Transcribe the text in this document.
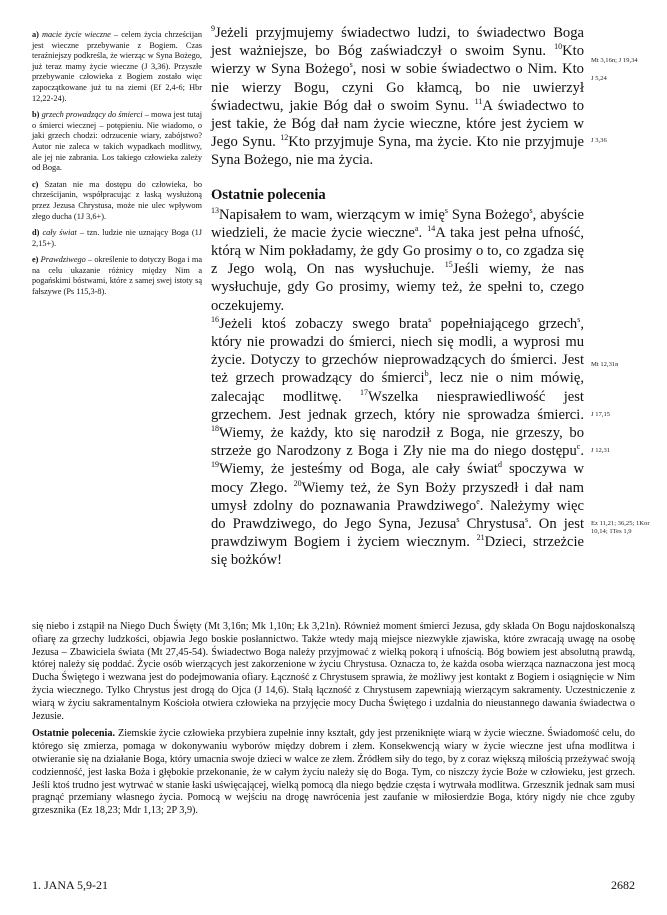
a) macie życie wieczne – celem życia chrześcijan jest wieczne przebywanie z Bogiem. Czas teraźniejszy podkreśla, że wierząc w Syna Bożego, już teraz mamy życie wieczne (J 3,36). Przyszłe przebywanie człowieka z Bogiem zostało więc zapoczątkowane już tu na ziemi (Ef 2,4-6; Hbr 12,22-24).
b) grzech prowadzący do śmierci – mowa jest tutaj o śmierci wiecznej – potępieniu. Nie wiadomo, o jaki grzech chodzi: odrzucenie wiary, zabójstwo? Autor nie zaleca w takich wypadkach modlitwy, ale jej nie zabrania. Los takiego człowieka zależy od Boga.
c) Szatan nie ma dostępu do człowieka, bo chrześcijanin, współpracując z łaską wysłużoną przez Jezusa Chrystusa, może nie ulec wpływom złego ducha (1J 3,6+).
d) cały świat – tzn. ludzie nie uznający Boga (1J 2,15+).
e) Prawdziwego – określenie to dotyczy Boga i ma na celu ukazanie różnicy między Nim a pogańskimi bóstwami, które z samej swej istoty są fałszywe (Ps 115,3-8).

$^9$Jeżeli przyjmujemy świadectwo ludzi, to świadectwo Boga jest ważniejsze, bo Bóg zaświadczył o swoim Synu. $^{10}$Kto wierzy w Syna Bożego$^s$, nosi w sobie świadectwo o Nim. Kto nie wierzy Bogu, czyni Go kłamcą, bo nie uwierzył świadectwu, jakie Bóg dał o swoim Synu. $^{11}$A świadectwo to jest takie, że Bóg dał nam życie wieczne, które jest życiem w Jego Synu. $^{12}$Kto przyjmuje Syna, ma życie. Kto nie przyjmuje Syna Bożego, nie ma życia.

Ostatnie polecenia

$^{13}$Napisałem to wam, wierzącym w imię$^s$ Syna Bożego$^s$, abyście wiedzieli, że macie życie wieczne$^a$. $^{14}$A taka jest pełna ufność, którą w Nim pokładamy, że gdy Go prosimy o to, co zgadza się z Jego wolą, On nas wysłuchuje. $^{15}$Jeśli wiemy, że nas wysłuchuje, gdy Go prosimy, wiemy też, że spełni to, czego oczekujemy.

$^{16}$Jeżeli ktoś zobaczy swego brata$^s$ popełniającego grzech$^s$, który nie prowadzi do śmierci, niech się modli, a wyprosi mu życie. Dotyczy to grzechów nieprowadzących do śmierci. Jest też grzech prowadzący do śmierci$^b$, lecz nie o nim mówię, zalecając modlitwę. $^{17}$Wszelka niesprawiedliwość jest grzechem. Jest jednak grzech, który nie sprowadza śmierci. $^{18}$Wiemy, że każdy, kto się narodził z Boga, nie grzeszy, bo strzeże go Narodzony z Boga i Zły nie ma do niego dostępu$^c$. $^{19}$Wiemy, że jesteśmy od Boga, ale cały świat$^d$ spoczywa w mocy Złego. $^{20}$Wiemy też, że Syn Boży przyszedł i dał nam umysł zdolny do poznawania Prawdziwego$^e$. Należymy więc do Prawdziwego, do Jego Syna, Jezusa$^s$ Chrystusa$^s$. On jest prawdziwym Bogiem i życiem wiecznym. $^{21}$Dzieci, strzeżcie się bożków!

Mt 3,16n; J 19,34
J 5,24
J 3,36
Mt 12,31n
J 17,15
J 12,31
Ez 11,21; 36,25; 1Kor 10,14; 1Tes 1,9

się niebo i zstąpił na Niego Duch Święty (Mt 3,16n; Mk 1,10n; Łk 3,21n). Również moment śmierci Jezusa, gdy składa On Bogu najdoskonalszą ofiarę za grzechy ludzkości, objawia Jego boskie posłannictwo. Także wtedy mają miejsce niezwykłe zjawiska, które zwracają uwagę na osobę Jezusa – Zbawiciela świata (Mt 27,45-54). Świadectwo Boga należy przyjmować z wielką pokorą i ufnością. Bóg bowiem jest absolutną prawdą, której należy się poddać. Życie osób wierzących jest zakorzenione w życiu Chrystusa. Oznacza to, że każda osoba wierząca naznaczona jest mocą Ducha Świętego i wezwana jest do podejmowania ofiary. Łączność z Chrystusem sprawia, że możliwy jest kontakt z Bogiem i osiągnięcie w Nim życia wiecznego. Tylko Chrystus jest drogą do Ojca (J 14,6). Stałą łączność z Chrystusem zapewniają wierzącym sakramenty. Uczestniczenie z wiarą w życiu sakramentalnym Kościoła otwiera człowieka na przyjęcie mocy Ducha Świętego i uzdalnia do nieustannego dawania świadectwa o Jezusie.

Ostatnie polecenia. Ziemskie życie człowieka przybiera zupełnie inny kształt, gdy jest przeniknięte wiarą w życie wieczne. Świadomość celu, do którego się zmierza, pomaga w dokonywaniu wyborów między dobrem i złem. Konsekwencją wiary w życie wieczne jest ufna modlitwa i otwieranie się na działanie Boga, który umacnia swoje dzieci w walce ze złem. Źródłem siły do tego, by z coraz większą miłością przeżywać swoją codzienność, jest łaska Boża i głębokie przekonanie, że w całym życiu należy się do Boga. Tym, co niszczy życie Boże w człowieku, jest grzech. Jeśli ktoś trudno jest wytrwać w stanie łaski uświęcającej, wielką pomocą dla niego będzie częsta i wytrwała modlitwa. Grzesznik jednak sam musi pragnąć przemiany własnego życia. Pomocą w wejściu na drogę nawrócenia jest zaufanie w miłosierdzie Boga, który nigdy nie chce zguby grzesznika (Ez 18,23; Mdr 1,13; 2P 3,9).

1. JANA 5,9-21	2682
